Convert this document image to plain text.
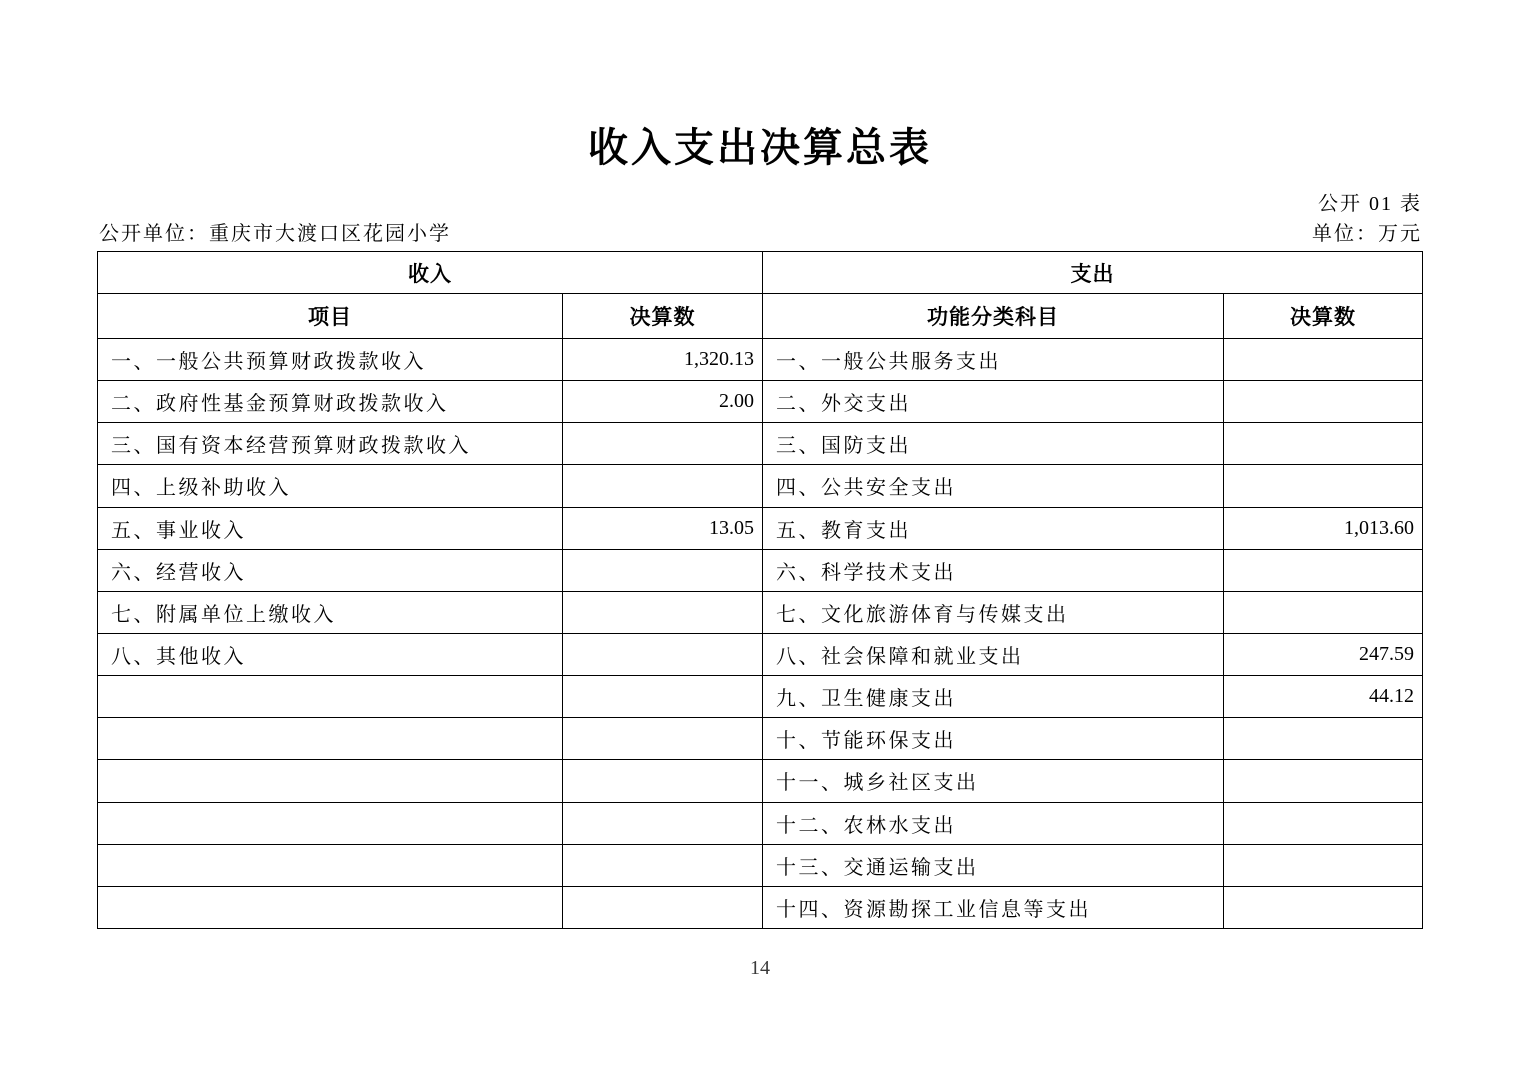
收入支出决算总表
公开 01 表
公开单位：重庆市大渡口区花园小学	单位：万元
收入		支出	
项目	决算数	功能分类科目	决算数
一、一般公共预算财政拨款收入	1,320.13	一、一般公共服务支出	
二、政府性基金预算财政拨款收入	2.00	二、外交支出	
三、国有资本经营预算财政拨款收入		三、国防支出	
四、上级补助收入		四、公共安全支出	
五、事业收入	13.05	五、教育支出	1,013.60
六、经营收入		六、科学技术支出	
七、附属单位上缴收入		七、文化旅游体育与传媒支出	
八、其他收入		八、社会保障和就业支出	247.59
		九、卫生健康支出	44.12
		十、节能环保支出	
		十一、城乡社区支出	
		十二、农林水支出	
		十三、交通运输支出	
		十四、资源勘探工业信息等支出	
14
